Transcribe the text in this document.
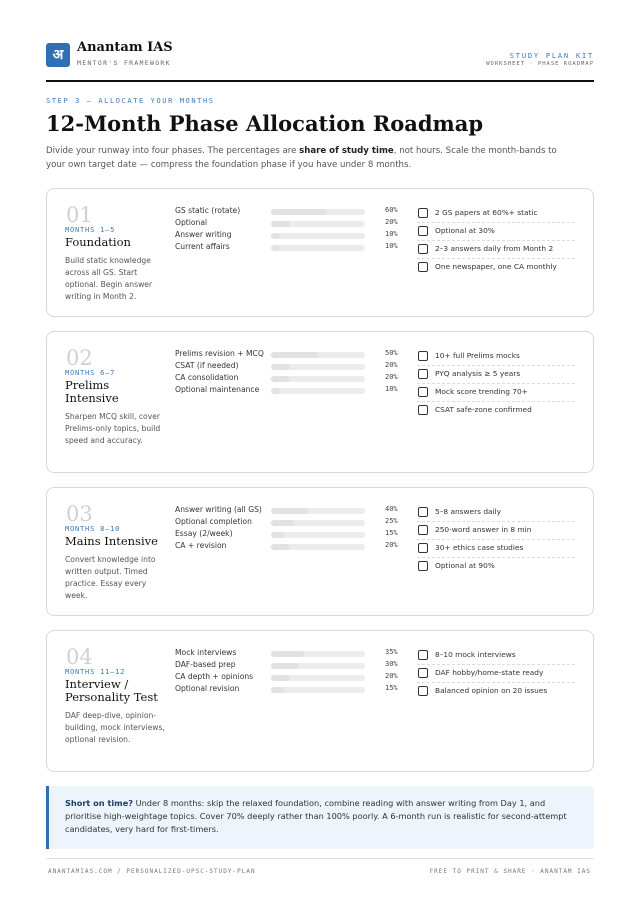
अ	Anantam IAS
MENTOR'S FRAMEWORK
STUDY PLAN KIT
WORKSHEET · PHASE ROADMAP
STEP 3 — ALLOCATE YOUR MONTHS
12-Month Phase Allocation Roadmap
Divide your runway into four phases. The percentages are share of study time, not hours. Scale the month-bands to your own target date — compress the foundation phase if you have under 8 months.
01
MONTHS 1–5
Foundation
Build static knowledge across all GS. Start optional. Begin answer writing in Month 2.
GS static (rotate)	60%
Optional	20%
Answer writing	10%
Current affairs	10%
2 GS papers at 60%+ static
Optional at 30%
2–3 answers daily from Month 2
One newspaper, one CA monthly
02
MONTHS 6–7
Prelims Intensive
Sharpen MCQ skill, cover Prelims-only topics, build speed and accuracy.
Prelims revision + MCQ	50%
CSAT (if needed)	20%
CA consolidation	20%
Optional maintenance	10%
10+ full Prelims mocks
PYQ analysis ≥ 5 years
Mock score trending 70+
CSAT safe-zone confirmed
03
MONTHS 8–10
Mains Intensive
Convert knowledge into written output. Timed practice. Essay every week.
Answer writing (all GS)	40%
Optional completion	25%
Essay (2/week)	15%
CA + revision	20%
5–8 answers daily
250-word answer in 8 min
30+ ethics case studies
Optional at 90%
04
MONTHS 11–12
Interview / Personality Test
DAF deep-dive, opinion-building, mock interviews, optional revision.
Mock interviews	35%
DAF-based prep	30%
CA depth + opinions	20%
Optional revision	15%
8–10 mock interviews
DAF hobby/home-state ready
Balanced opinion on 20 issues
Short on time? Under 8 months: skip the relaxed foundation, combine reading with answer writing from Day 1, and prioritise high-weightage topics. Cover 70% deeply rather than 100% poorly. A 6-month run is realistic for second-attempt candidates, very hard for first-timers.
ANANTAMIAS.COM / PERSONALIZED-UPSC-STUDY-PLAN	FREE TO PRINT & SHARE · ANANTAM IAS
